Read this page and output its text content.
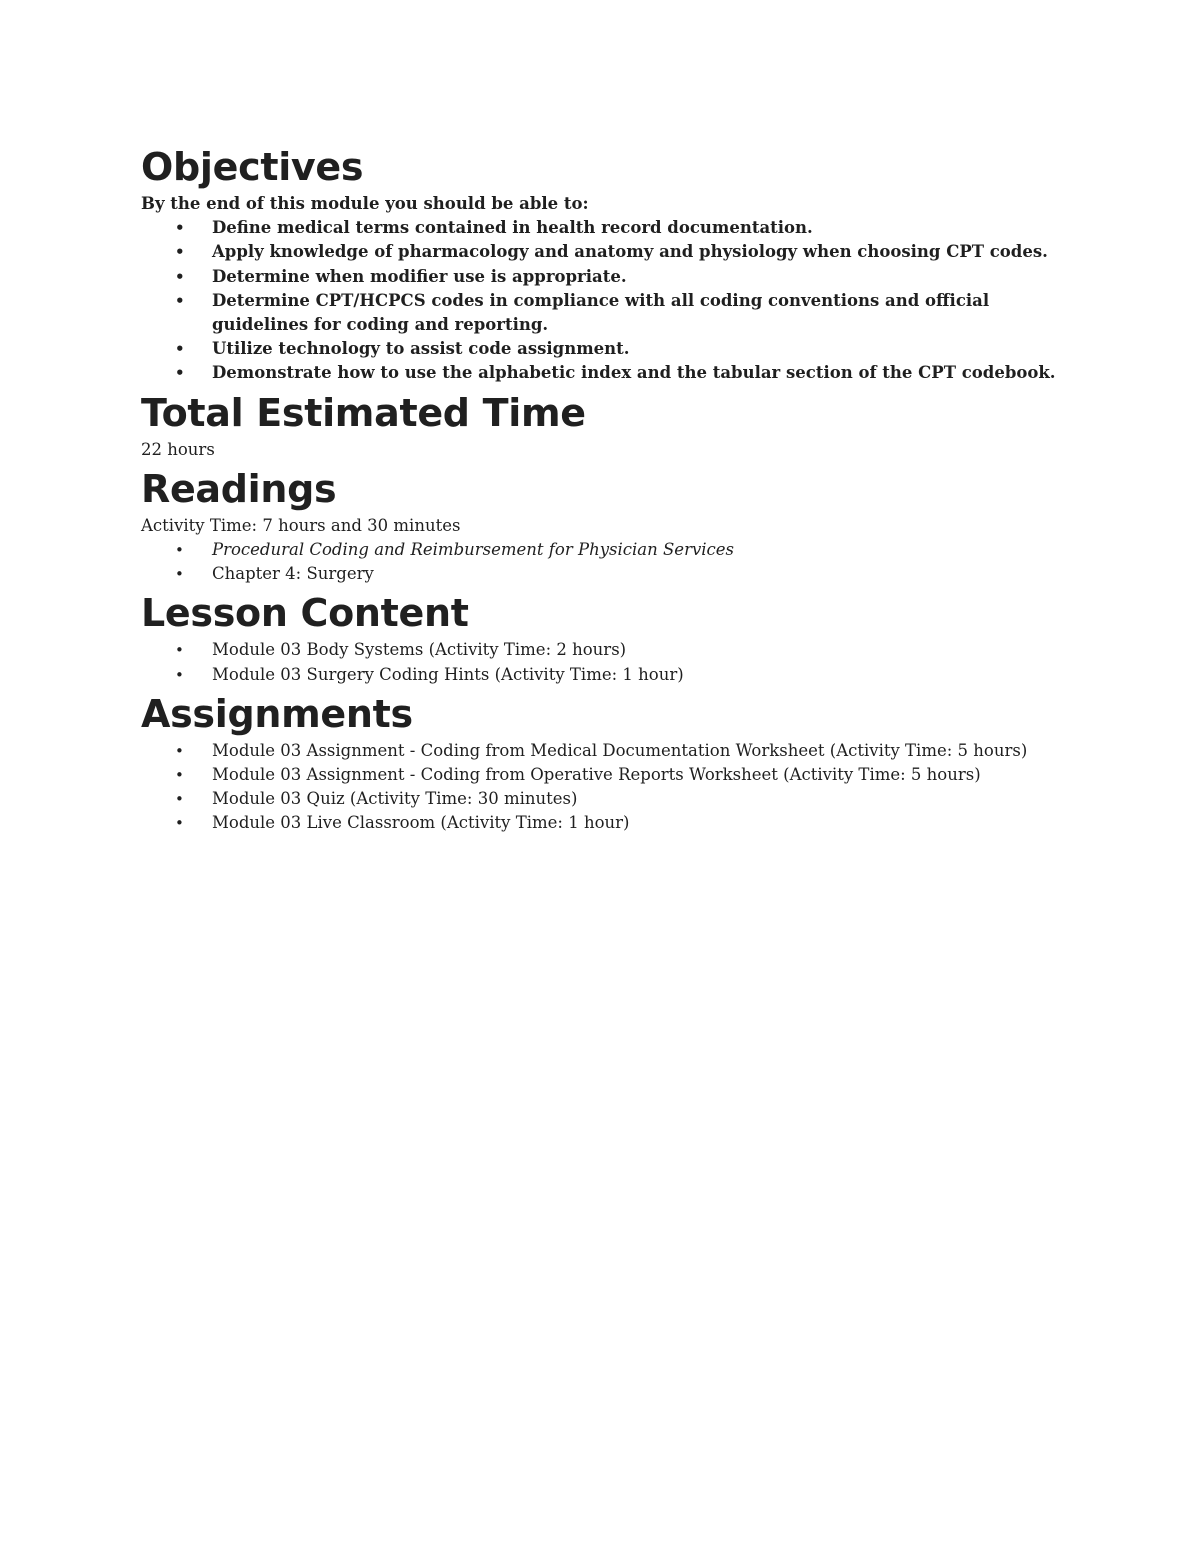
Objectives

By the end of this module you should be able to:

• Define medical terms contained in health record documentation.
• Apply knowledge of pharmacology and anatomy and physiology when choosing CPT codes.
• Determine when modifier use is appropriate.
• Determine CPT/HCPCS codes in compliance with all coding conventions and official guidelines for coding and reporting.
• Utilize technology to assist code assignment.
• Demonstrate how to use the alphabetic index and the tabular section of the CPT codebook.
Total Estimated Time

22 hours

Readings

Activity Time: 7 hours and 30 minutes

• Procedural Coding and Reimbursement for Physician Services
• Chapter 4: Surgery
Lesson Content
• Module 03 Body Systems (Activity Time: 2 hours)
• Module 03 Surgery Coding Hints (Activity Time: 1 hour)
Assignments
• Module 03 Assignment - Coding from Medical Documentation Worksheet (Activity Time: 5 hours)
• Module 03 Assignment - Coding from Operative Reports Worksheet (Activity Time: 5 hours)
• Module 03 Quiz (Activity Time: 30 minutes)
• Module 03 Live Classroom (Activity Time: 1 hour)
